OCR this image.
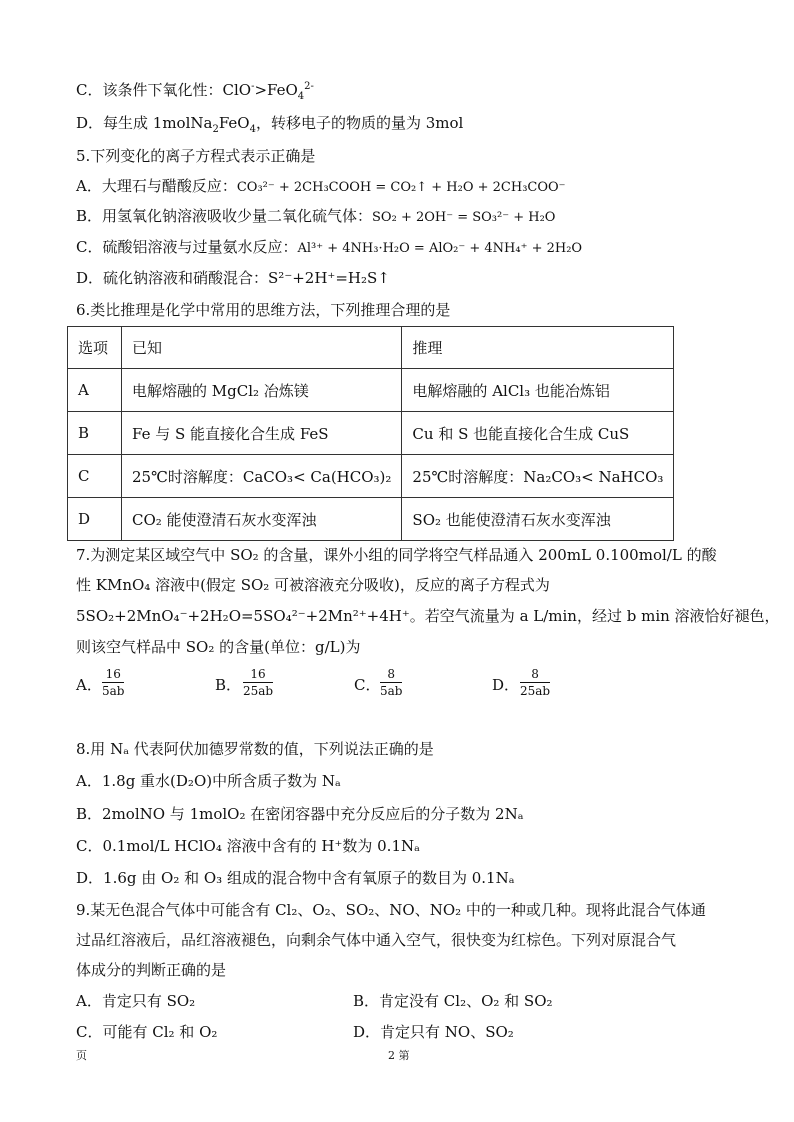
C．该条件下氧化性：ClO->FeO$_4^{2-}$
D．每生成 1molNa$_2$FeO$_4$，转移电子的物质的量为 3mol
5.下列变化的离子方程式表示正确是
A．大理石与醋酸反应：CO₃²⁻ + 2CH₃COOH = CO₂↑ + H₂O + 2CH₃COO⁻
B．用氢氧化钠溶液吸收少量二氧化硫气体：SO₂ + 2OH⁻ = SO₃²⁻ + H₂O
C．硫酸铝溶液与过量氨水反应：Al³⁺ + 4NH₃·H₂O = AlO₂⁻ + 4NH₄⁺ + 2H₂O
D．硫化钠溶液和硝酸混合：S²⁻+2H⁺=H₂S↑
6.类比推理是化学中常用的思维方法，下列推理合理的是
选项	已知	推理
A	电解熔融的 MgCl₂ 冶炼镁	电解熔融的 AlCl₃ 也能冶炼铝
B	Fe 与 S 能直接化合生成 FeS	Cu 和 S 也能直接化合生成 CuS
C	25℃时溶解度：CaCO₃< Ca(HCO₃)₂	25℃时溶解度：Na₂CO₃< NaHCO₃
D	CO₂ 能使澄清石灰水变浑浊	SO₂ 也能使澄清石灰水变浑浊
7.为测定某区域空气中 SO₂ 的含量，课外小组的同学将空气样品通入 200mL 0.100mol/L 的酸
性 KMnO₄ 溶液中(假定 SO₂ 可被溶液充分吸收)，反应的离子方程式为
5SO₂+2MnO₄⁻+2H₂O=5SO₄²⁻+2Mn²⁺+4H⁺。若空气流量为 a L/min，经过 b min 溶液恰好褪色，
则该空气样品中 SO₂ 的含量(单位：g/L)为
A． $\frac{16}{5ab}$	B． $\frac{16}{25ab}$	C． $\frac{8}{5ab}$	D． $\frac{8}{25ab}$
8.用 Nₐ 代表阿伏加德罗常数的值，下列说法正确的是
A．1.8g 重水(D₂O)中所含质子数为 Nₐ
B．2molNO 与 1molO₂ 在密闭容器中充分反应后的分子数为 2Nₐ
C．0.1mol/L HClO₄ 溶液中含有的 H⁺数为 0.1Nₐ
D．1.6g 由 O₂ 和 O₃ 组成的混合物中含有氧原子的数目为 0.1Nₐ
9.某无色混合气体中可能含有 Cl₂、O₂、SO₂、NO、NO₂ 中的一种或几种。现将此混合气体通
过品红溶液后，品红溶液褪色，向剩余气体中通入空气，很快变为红棕色。下列对原混合气
体成分的判断正确的是
A．肯定只有 SO₂	B．肯定没有 Cl₂、O₂ 和 SO₂
C．可能有 Cl₂ 和 O₂	D．肯定只有 NO、SO₂
页	2 第
